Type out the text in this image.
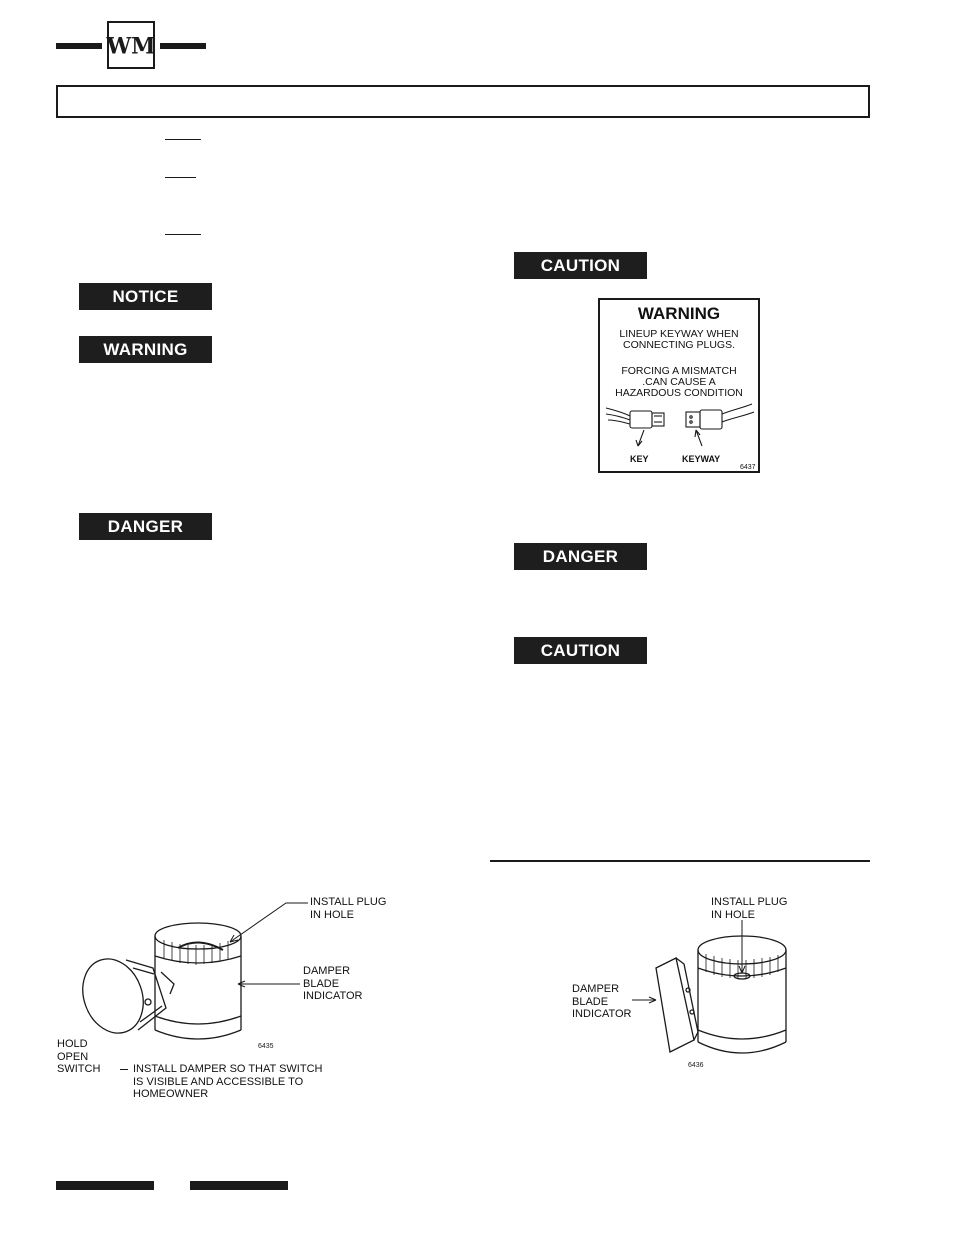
WM
NOTICE
WARNING
DANGER
CAUTION
DANGER
CAUTION
WARNING
LINEUP KEYWAY WHEN
CONNECTING PLUGS.
FORCING A MISMATCH
.CAN CAUSE A
HAZARDOUS CONDITION
KEY	KEYWAY
6437
6435
INSTALL PLUG
IN HOLE
DAMPER
BLADE
INDICATOR
HOLD
OPEN
SWITCH	INSTALL DAMPER SO THAT SWITCH
IS VISIBLE AND ACCESSIBLE TO
HOMEOWNER
6436
INSTALL PLUG
IN HOLE
DAMPER
BLADE
INDICATOR
